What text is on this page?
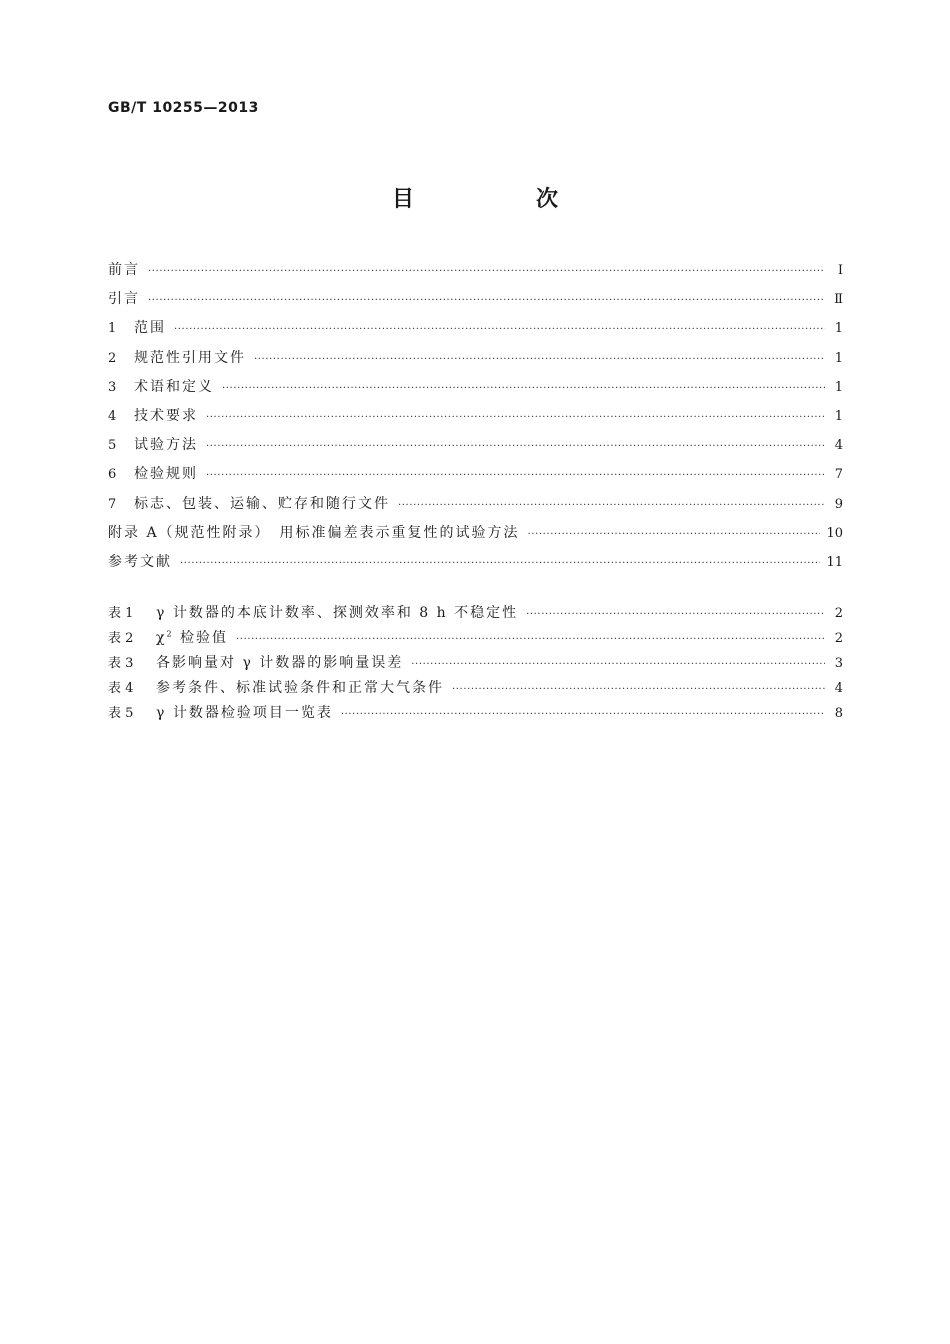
GB/T 10255—2013
目　次
前言 ·····	Ⅰ
引言 ·····	Ⅱ
1	范围 ·····	1
2	规范性引用文件 ·····	1
3	术语和定义 ·····	1
4	技术要求 ·····	1
5	试验方法 ·····	4
6	检验规则 ·····	7
7	标志、包装、运输、贮存和随行文件 ·····	9
附录 A（规范性附录）　用标准偏差表示重复性的试验方法 ·····	10
参考文献 ·····	11
表 1	γ 计数器的本底计数率、探测效率和 8 h 不稳定性 ·····	2
表 2	$\chi^2$ 检验值 ·····	2
表 3	各影响量对 γ 计数器的影响量误差 ·····	3
表 4	参考条件、标准试验条件和正常大气条件 ·····	4
表 5	γ 计数器检验项目一览表 ·····	8
